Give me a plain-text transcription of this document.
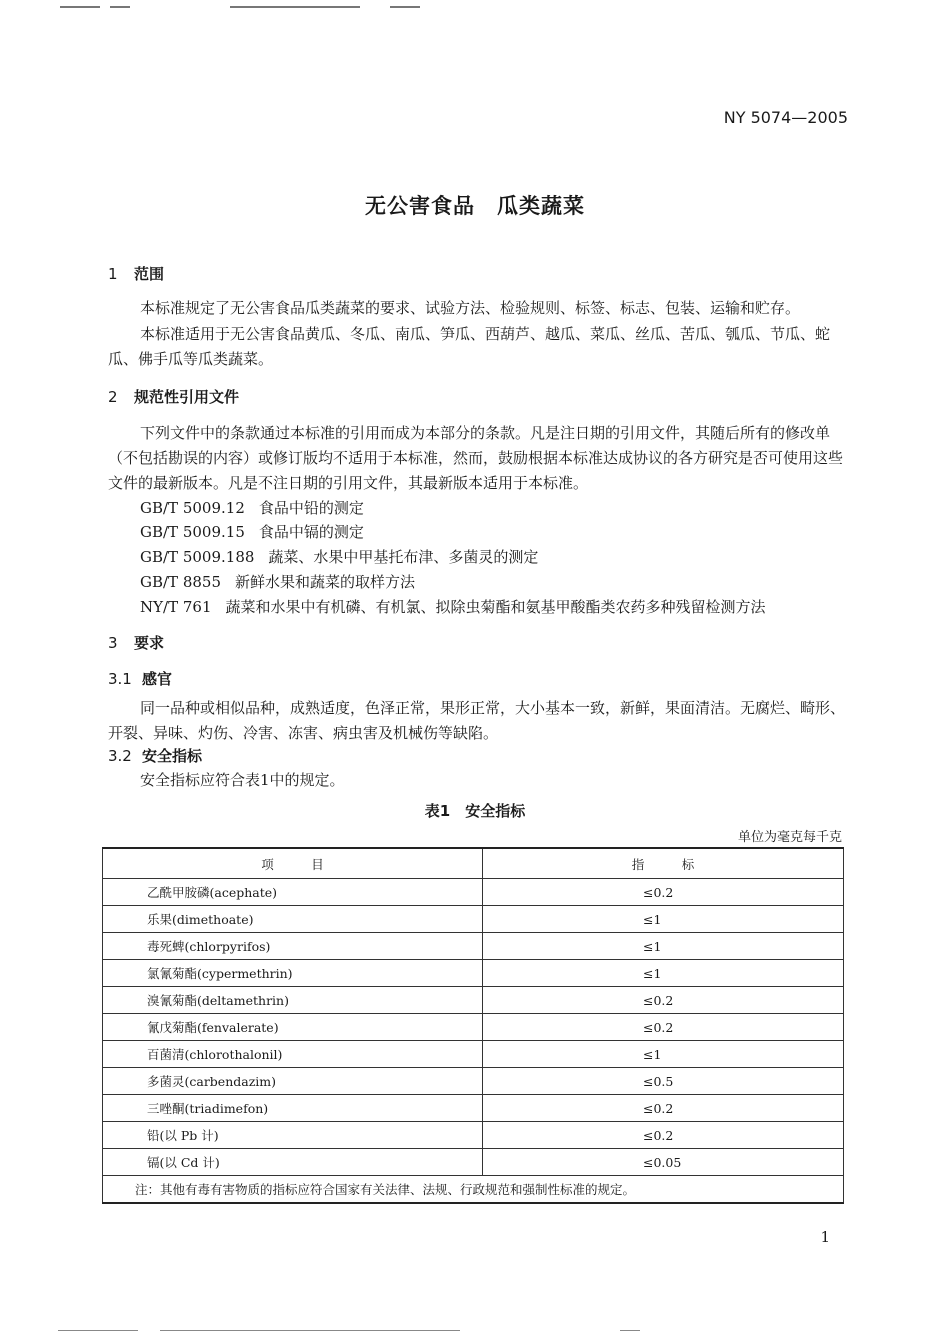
NY 5074—2005
无公害食品　瓜类蔬菜
1 范围
本标准规定了无公害食品瓜类蔬菜的要求、试验方法、检验规则、标签、标志、包装、运输和贮存。
本标准适用于无公害食品黄瓜、冬瓜、南瓜、笋瓜、西葫芦、越瓜、菜瓜、丝瓜、苦瓜、瓠瓜、节瓜、蛇瓜、佛手瓜等瓜类蔬菜。
2 规范性引用文件
下列文件中的条款通过本标准的引用而成为本部分的条款。凡是注日期的引用文件，其随后所有的修改单（不包括勘误的内容）或修订版均不适用于本标准，然而，鼓励根据本标准达成协议的各方研究是否可使用这些文件的最新版本。凡是不注日期的引用文件，其最新版本适用于本标准。
GB/T 5009.12 食品中铅的测定
GB/T 5009.15 食品中镉的测定
GB/T 5009.188 蔬菜、水果中甲基托布津、多菌灵的测定
GB/T 8855 新鲜水果和蔬菜的取样方法
NY/T 761 蔬菜和水果中有机磷、有机氯、拟除虫菊酯和氨基甲酸酯类农药多种残留检测方法
3 要求
3.1 感官
同一品种或相似品种，成熟适度，色泽正常，果形正常，大小基本一致，新鲜，果面清洁。无腐烂、畸形、开裂、异味、灼伤、冷害、冻害、病虫害及机械伤等缺陷。
3.2 安全指标
安全指标应符合表1中的规定。
表1　安全指标
单位为毫克每千克
项　　　目	指　　　标
乙酰甲胺磷(acephate)	≤0.2
乐果(dimethoate)	≤1
毒死蜱(chlorpyrifos)	≤1
氯氰菊酯(cypermethrin)	≤1
溴氰菊酯(deltamethrin)	≤0.2
氰戊菊酯(fenvalerate)	≤0.2
百菌清(chlorothalonil)	≤1
多菌灵(carbendazim)	≤0.5
三唑酮(triadimefon)	≤0.2
铅(以 Pb 计)	≤0.2
镉(以 Cd 计)	≤0.05
注：其他有毒有害物质的指标应符合国家有关法律、法规、行政规范和强制性标准的规定。	
1
